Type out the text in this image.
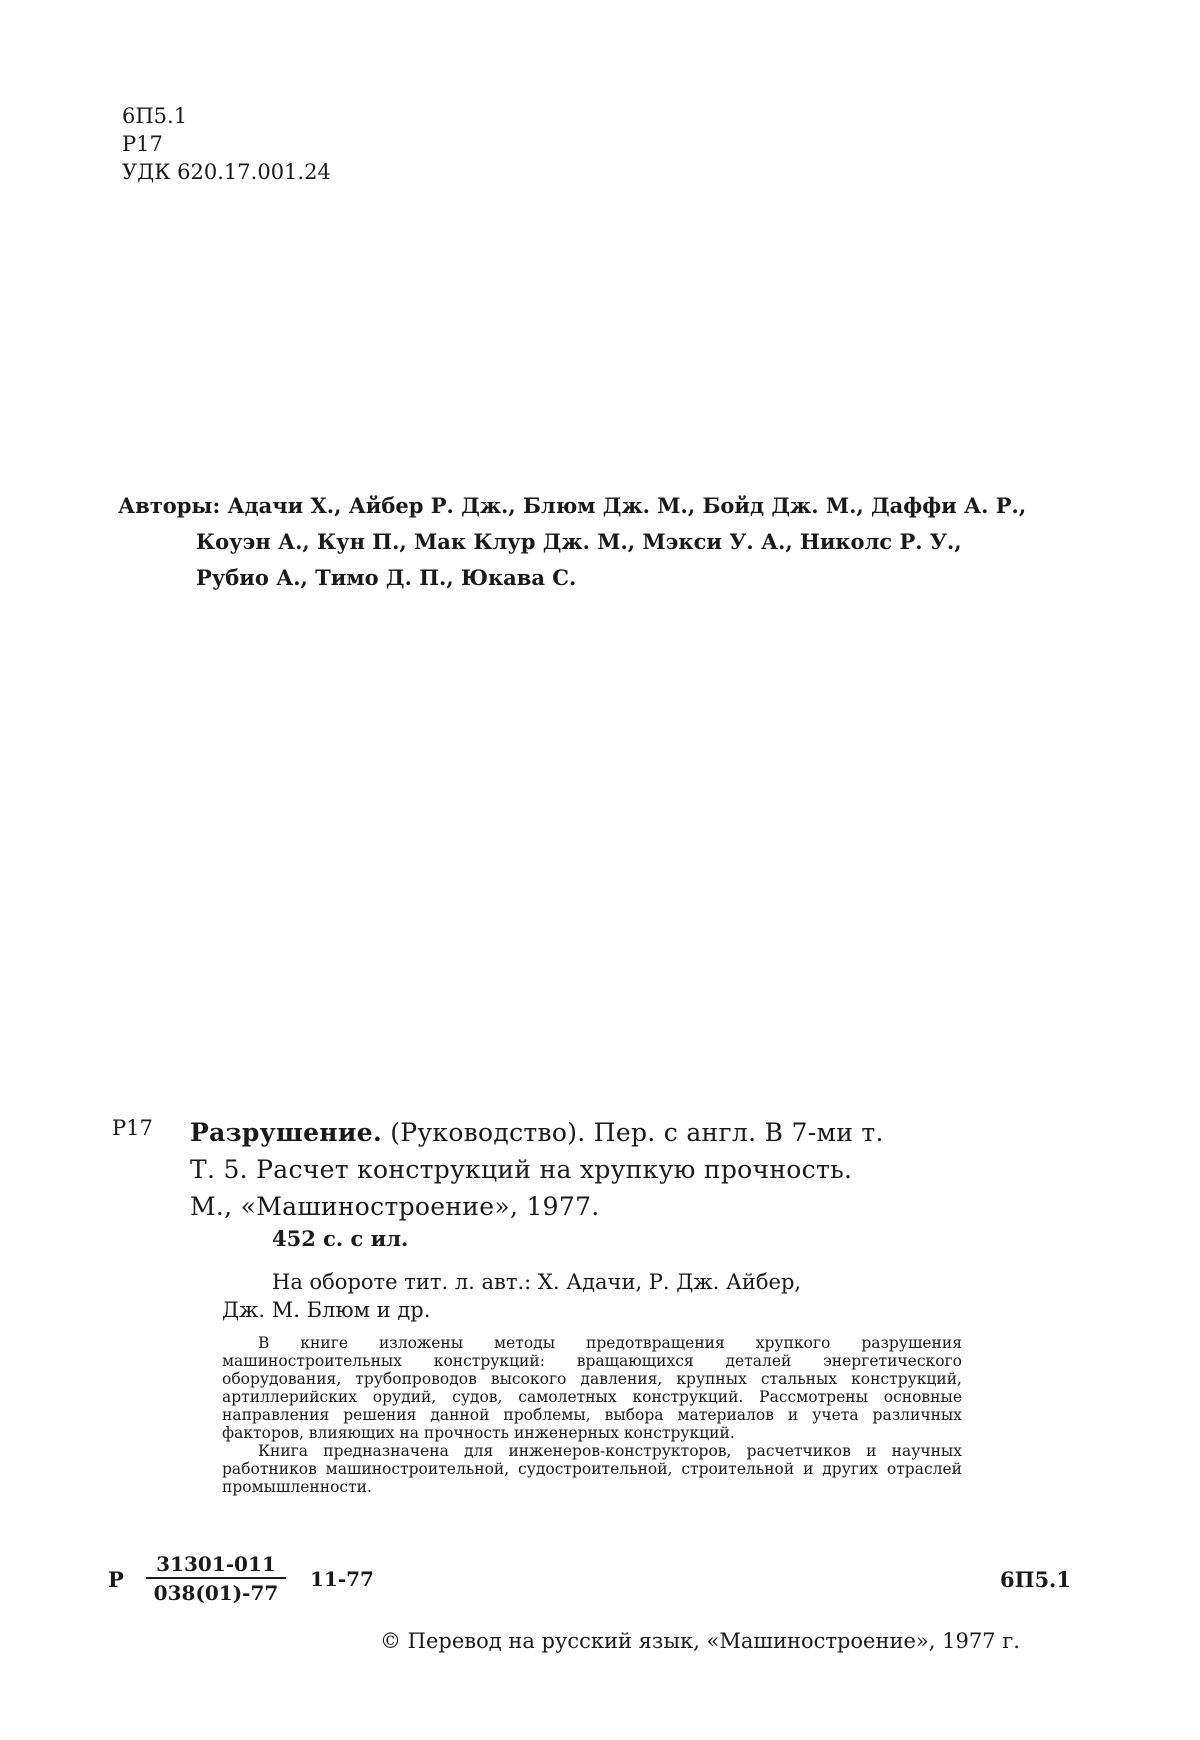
6П5.1
Р17
УДК 620.17.001.24
Авторы: Адачи Х., Айбер Р. Дж., Блюм Дж. М., Бойд Дж. М., Даффи А. Р.,
Коуэн А., Кун П., Мак Клур Дж. М., Мэкси У. А., Николс Р. У.,
Рубио А., Тимо Д. П., Юкава С.
Р17 Разрушение. (Руководство). Пер. с англ. В 7-ми т.
Т. 5. Расчет конструкций на хрупкую прочность.
М., «Машиностроение», 1977.
452 с. с ил.
На обороте тит. л. авт.: Х. Адачи, Р. Дж. Айбер,
Дж. М. Блюм и др.

В книге изложены методы предотвращения хрупкого разрушения машиностроительных конструкций: вращающихся деталей энергетического оборудования, трубопроводов высокого давления, крупных стальных конструкций, артиллерийских орудий, судов, самолетных конструкций. Рассмотрены основные направления решения данной проблемы, выбора материалов и учета различных факторов, влияющих на прочность инженерных конструкций.

Книга предназначена для инженеров-конструкторов, расчетчиков и научных работников машиностроительной, судостроительной, строительной и других отраслей промышленности.

Р $\frac{31301-011}{038(01)-77} 11-77$	6П5.1
© Перевод на русский язык, «Машиностроение», 1977 г.
